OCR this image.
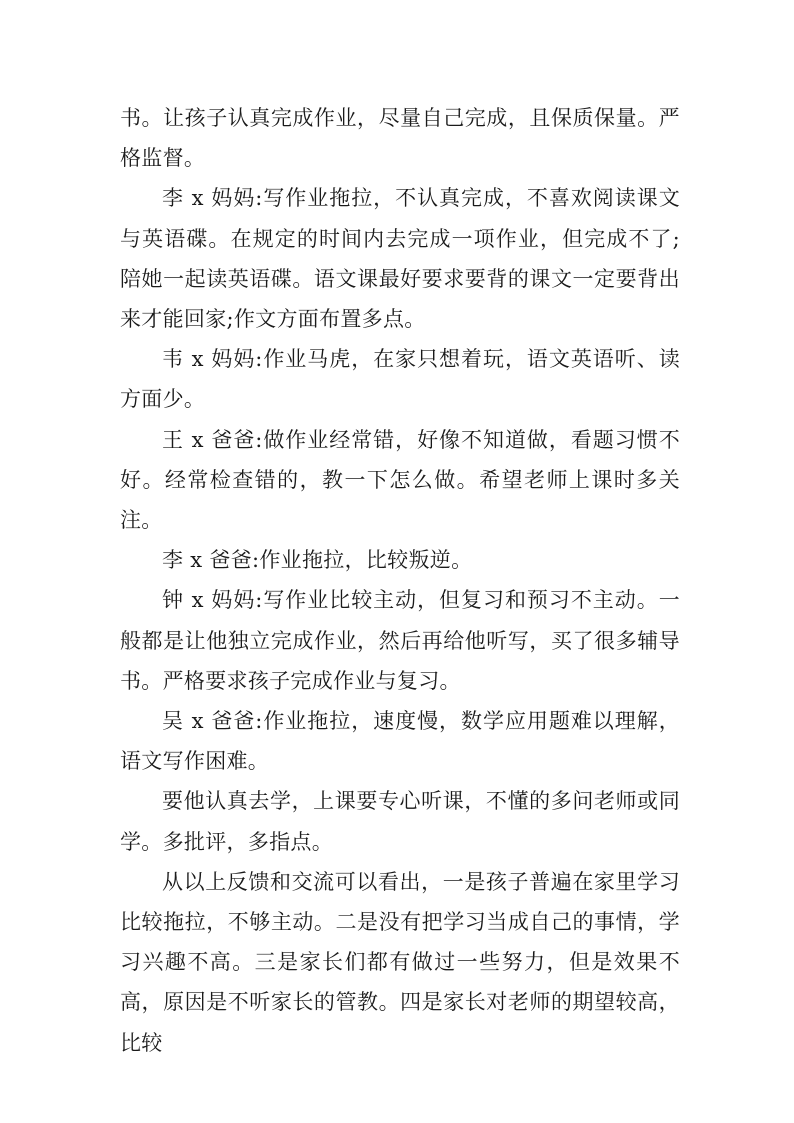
书。让孩子认真完成作业，尽量自己完成，且保质保量。严格监督。

李 x 妈妈:写作业拖拉，不认真完成，不喜欢阅读课文与英语碟。在规定的时间内去完成一项作业，但完成不了;陪她一起读英语碟。语文课最好要求要背的课文一定要背出来才能回家;作文方面布置多点。

韦 x 妈妈:作业马虎，在家只想着玩，语文英语听、读方面少。

王 x 爸爸:做作业经常错，好像不知道做，看题习惯不好。经常检查错的，教一下怎么做。希望老师上课时多关注。

李 x 爸爸:作业拖拉，比较叛逆。

钟 x 妈妈:写作业比较主动，但复习和预习不主动。一般都是让他独立完成作业，然后再给他听写，买了很多辅导书。严格要求孩子完成作业与复习。

吴 x 爸爸:作业拖拉，速度慢，数学应用题难以理解，语文写作困难。

要他认真去学，上课要专心听课，不懂的多问老师或同学。多批评，多指点。

从以上反馈和交流可以看出，一是孩子普遍在家里学习比较拖拉，不够主动。二是没有把学习当成自己的事情，学习兴趣不高。三是家长们都有做过一些努力，但是效果不高，原因是不听家长的管教。四是家长对老师的期望较高，比较
